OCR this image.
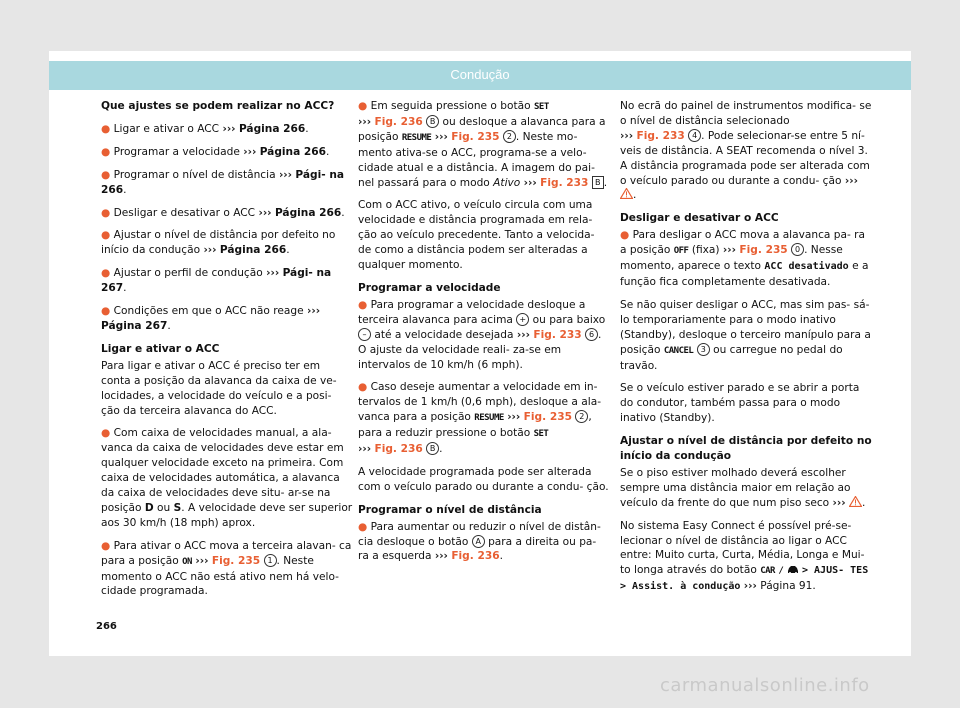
Condução

Que ajustes se podem realizar no ACC?

● Ligar e ativar o ACC ››› Página 266.

● Programar a velocidade ››› Página 266.

● Programar o nível de distância ››› Pági- na 266.

● Desligar e desativar o ACC ››› Página 266.

● Ajustar o nível de distância por defeito no início da condução ››› Página 266.

● Ajustar o perfil de condução ››› Pági- na 267.

● Condições em que o ACC não reage ››› Página 267.

Ligar e ativar o ACC

Para ligar e ativar o ACC é preciso ter em conta a posição da alavanca da caixa de ve- locidades, a velocidade do veículo e a posi- ção da terceira alavanca do ACC.

● Com caixa de velocidades manual, a ala- vanca da caixa de velocidades deve estar em qualquer velocidade exceto na primeira. Com caixa de velocidades automática, a alavanca da caixa de velocidades deve situ- ar-se na posição D ou S. A velocidade deve ser superior aos 30 km/h (18 mph) aprox.

● Para ativar o ACC mova a terceira alavan- ca para a posição ON ››› Fig. 235 1 . Neste momento o ACC não está ativo nem há velo- cidade programada.

● Em seguida pressione o botão SET
››› Fig. 236 B ou desloque a alavanca para a posição RESUME ››› Fig. 235 2 . Neste mo- mento ativa-se o ACC, programa-se a velo- cidade atual e a distância. A imagem do pai- nel passará para o modo Ativo ››› Fig. 233 B .

Com o ACC ativo, o veículo circula com uma velocidade e distância programada em rela- ção ao veículo precedente. Tanto a velocida- de como a distância podem ser alteradas a qualquer momento.

Programar a velocidade

● Para programar a velocidade desloque a terceira alavanca para acima + ou para baixo – até a velocidade desejada ››› Fig. 233 6 . O ajuste da velocidade reali- za-se em intervalos de 10 km/h (6 mph).

● Caso deseje aumentar a velocidade em in- tervalos de 1 km/h (0,6 mph), desloque a ala- vanca para a posição RESUME ››› Fig. 235 2 , para a reduzir pressione o botão SET
››› Fig. 236 B .

A velocidade programada pode ser alterada com o veículo parado ou durante a condu- ção.

Programar o nível de distância

● Para aumentar ou reduzir o nível de distân- cia desloque o botão A para a direita ou pa- ra a esquerda ››› Fig. 236.

No ecrã do painel de instrumentos modifica- se o nível de distância selecionado
››› Fig. 233 4 . Pode selecionar-se entre 5 ní- veis de distância. A SEAT recomenda o nível 3. A distância programada pode ser alterada com o veículo parado ou durante a condu- ção ››› .

Desligar e desativar o ACC

● Para desligar o ACC mova a alavanca pa- ra a posição OFF (fixa) ››› Fig. 235 0 . Nesse momento, aparece o texto ACC desativado e a função fica completamente desativada.

Se não quiser desligar o ACC, mas sim pas- sá-lo temporariamente para o modo inativo (Standby), desloque o terceiro manípulo para a posição CANCEL 3 ou carregue no pedal do travão.

Se o veículo estiver parado e se abrir a porta do condutor, também passa para o modo inativo (Standby).

Ajustar o nível de distância por defeito no início da condução

Se o piso estiver molhado deverá escolher sempre uma distância maior em relação ao veículo da frente do que num piso seco ››› .

No sistema Easy Connect é possível pré-se- lecionar o nível de distância ao ligar o ACC entre: Muito curta, Curta, Média, Longa e Mui- to longa através do botão CAR / > AJUS- TES > Assist. à condução ››› Página 91.

266
carmanualsonline.info
